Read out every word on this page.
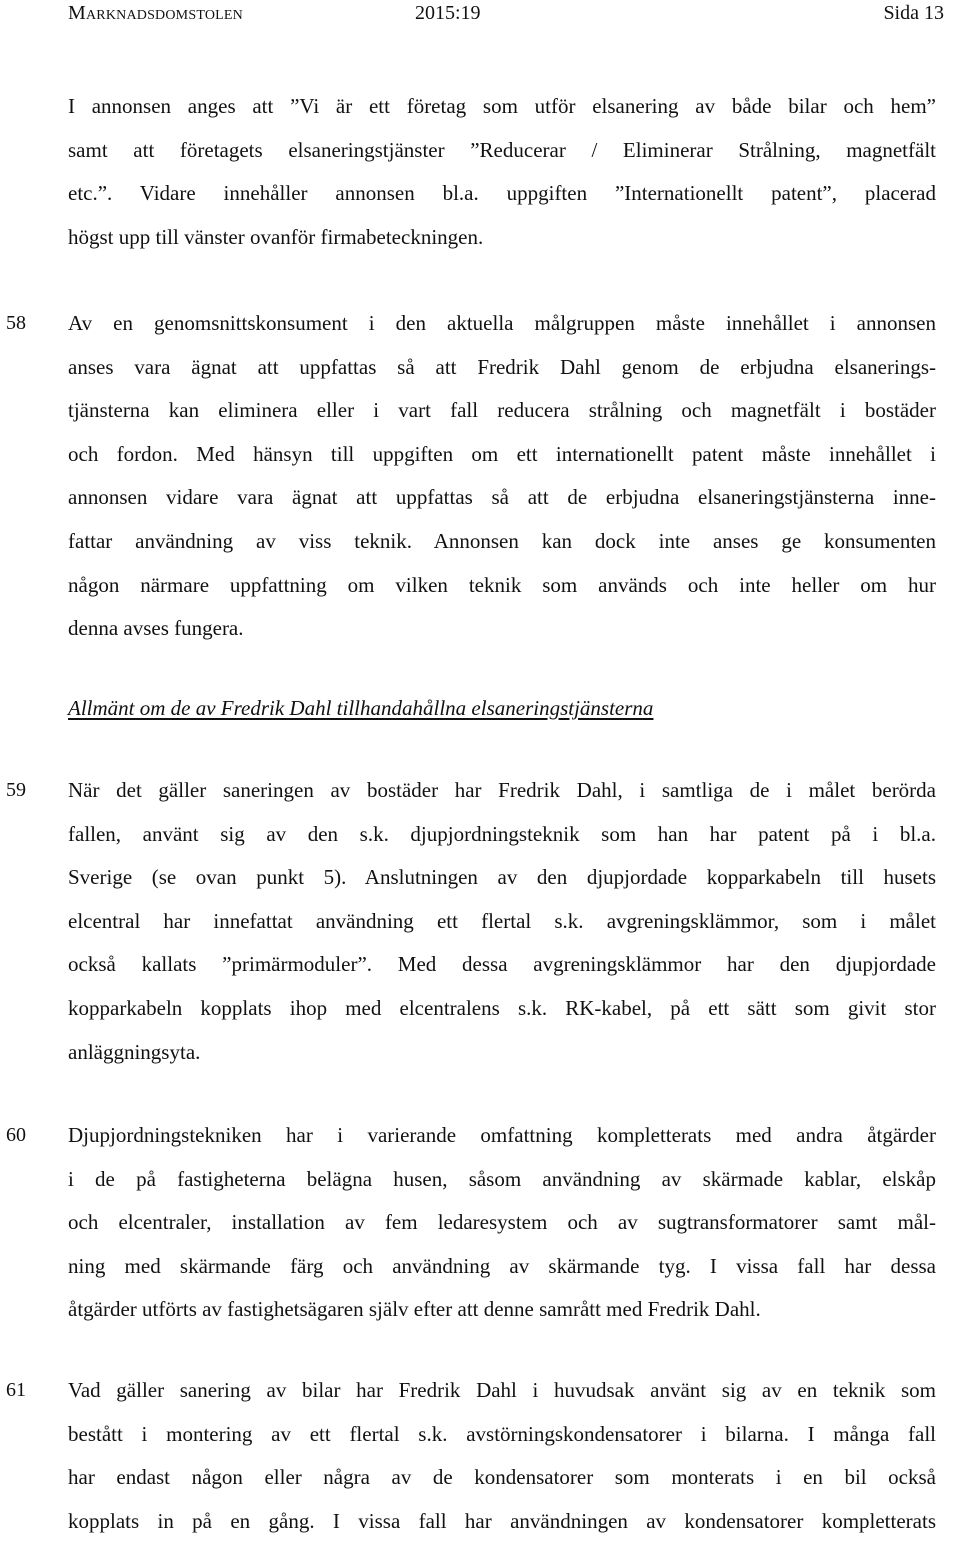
Marknadsdomstolen	2015:19	Sida 13
I annonsen anges att ”Vi är ett företag som utför elsanering av både bilar och hem”
samt att företagets elsaneringstjänster ”Reducerar / Eliminerar Strålning, magnetfält
etc.”. Vidare innehåller annonsen bl.a. uppgiften ”Internationellt patent”, placerad
högst upp till vänster ovanför firmabeteckningen.
58 Av en genomsnittskonsument i den aktuella målgruppen måste innehållet i annonsen
anses vara ägnat att uppfattas så att Fredrik Dahl genom de erbjudna elsanerings-
tjänsterna kan eliminera eller i vart fall reducera strålning och magnetfält i bostäder
och fordon. Med hänsyn till uppgiften om ett internationellt patent måste innehållet i
annonsen vidare vara ägnat att uppfattas så att de erbjudna elsaneringstjänsterna inne-
fattar användning av viss teknik. Annonsen kan dock inte anses ge konsumenten
någon närmare uppfattning om vilken teknik som används och inte heller om hur
denna avses fungera.
Allmänt om de av Fredrik Dahl tillhandahållna elsaneringstjänsterna
59 När det gäller saneringen av bostäder har Fredrik Dahl, i samtliga de i målet berörda
fallen, använt sig av den s.k. djupjordningsteknik som han har patent på i bl.a.
Sverige (se ovan punkt 5). Anslutningen av den djupjordade kopparkabeln till husets
elcentral har innefattat användning ett flertal s.k. avgreningsklämmor, som i målet
också kallats ”primärmoduler”. Med dessa avgreningsklämmor har den djupjordade
kopparkabeln kopplats ihop med elcentralens s.k. RK-kabel, på ett sätt som givit stor
anläggningsyta.
60 Djupjordningstekniken har i varierande omfattning kompletterats med andra åtgärder
i de på fastigheterna belägna husen, såsom användning av skärmade kablar, elskåp
och elcentraler, installation av fem ledaresystem och av sugtransformatorer samt mål-
ning med skärmande färg och användning av skärmande tyg. I vissa fall har dessa
åtgärder utförts av fastighetsägaren själv efter att denne samrått med Fredrik Dahl.
61 Vad gäller sanering av bilar har Fredrik Dahl i huvudsak använt sig av en teknik som
bestått i montering av ett flertal s.k. avstörningskondensatorer i bilarna. I många fall
har endast någon eller några av de kondensatorer som monterats i en bil också
kopplats in på en gång. I vissa fall har användningen av kondensatorer kompletterats
